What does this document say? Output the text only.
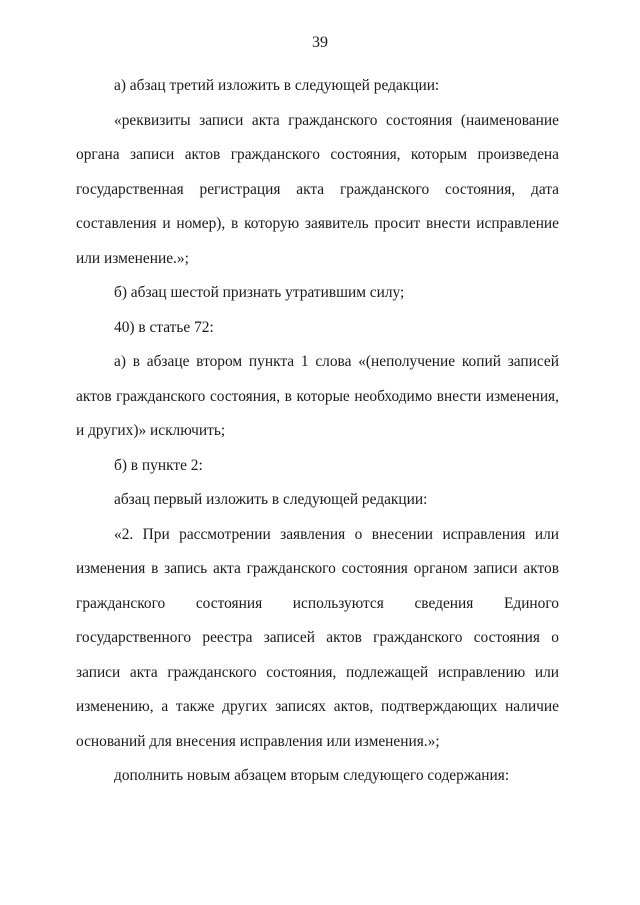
39

а) абзац третий изложить в следующей редакции:

«реквизиты записи акта гражданского состояния (наименование органа записи актов гражданского состояния, которым произведена государственная регистрация акта гражданского состояния, дата составления и номер), в которую заявитель просит внести исправление или изменение.»;

б) абзац шестой признать утратившим силу;

40) в статье 72:

а) в абзаце втором пункта 1 слова «(неполучение копий записей актов гражданского состояния, в которые необходимо внести изменения, и других)» исключить;

б) в пункте 2:

абзац первый изложить в следующей редакции:

«2. При рассмотрении заявления о внесении исправления или изменения в запись акта гражданского состояния органом записи актов гражданского состояния используются сведения Единого государственного реестра записей актов гражданского состояния о записи акта гражданского состояния, подлежащей исправлению или изменению, а также других записях актов, подтверждающих наличие оснований для внесения исправления или изменения.»;

дополнить новым абзацем вторым следующего содержания:
